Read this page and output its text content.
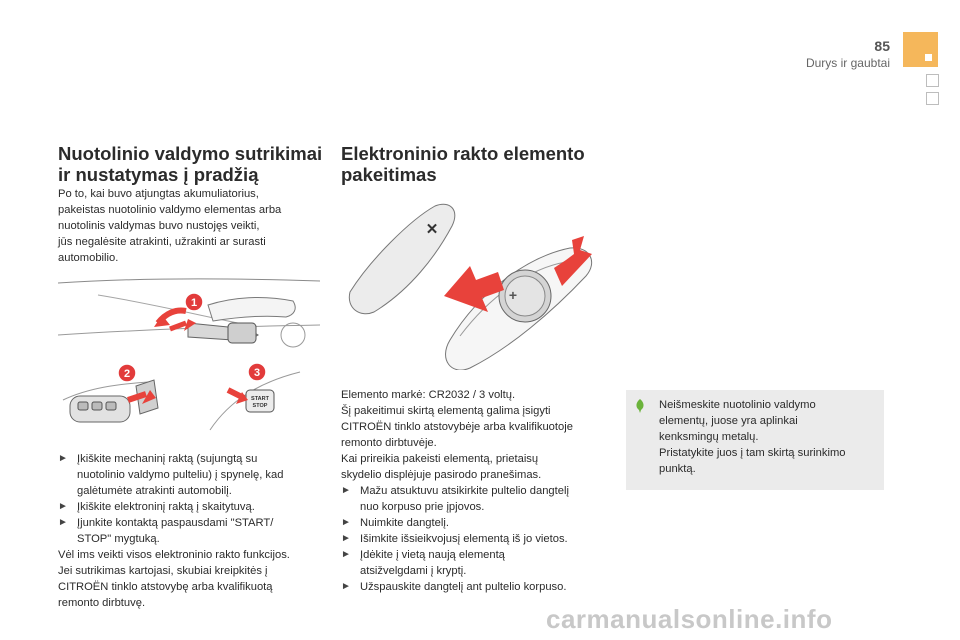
85
Durys ir gaubtai
Nuotolinio valdymo sutrikimai
ir nustatymas į pradžią

Po to, kai buvo atjungtas akumuliatorius,

pakeistas nuotolinio valdymo elementas arba

nuotolinis valdymas buvo nustojęs veikti,

jūs negalėsite atrakinti, užrakinti ar surasti

automobilio.

1
2
START
STOP
3
► Įkiškite mechaninį raktą (sujungtą su

nuotolinio valdymo pulteliu) į spynelę, kad

galėtumėte atrakinti automobilį.

► Įkiškite elektroninį raktą į skaitytuvą.

► Įjunkite kontaktą paspausdami "START/

STOP" mygtuką.

Vėl ims veikti visos elektroninio rakto funkcijos.

Jei sutrikimas kartojasi, skubiai kreipkitės į

CITROËN tinklo atstovybę arba kvalifikuotą

remonto dirbtuvę.

Elektroninio rakto elemento
pakeitimas
✕
+

Elemento markė: CR2032 / 3 voltų.

Šį pakeitimui skirtą elementą galima įsigyti

CITROËN tinklo atstovybėje arba kvalifikuotoje

remonto dirbtuvėje.

Kai prireikia pakeisti elementą, prietaisų

skydelio displėjuje pasirodo pranešimas.

► Mažu atsuktuvu atsikirkite pultelio dangtelį

nuo korpuso prie įpjovos.

► Nuimkite dangtelį.

► Išimkite išsieikvojusį elementą iš jo vietos.

► Įdėkite į vietą naują elementą

atsižvelgdami į kryptį.

► Užspauskite dangtelį ant pultelio korpuso.

Neišmeskite nuotolinio valdymo
elementų, juose yra aplinkai
kenksmingų metalų.
Pristatykite juos į tam skirtą surinkimo
punktą.
carmanualsonline.info
